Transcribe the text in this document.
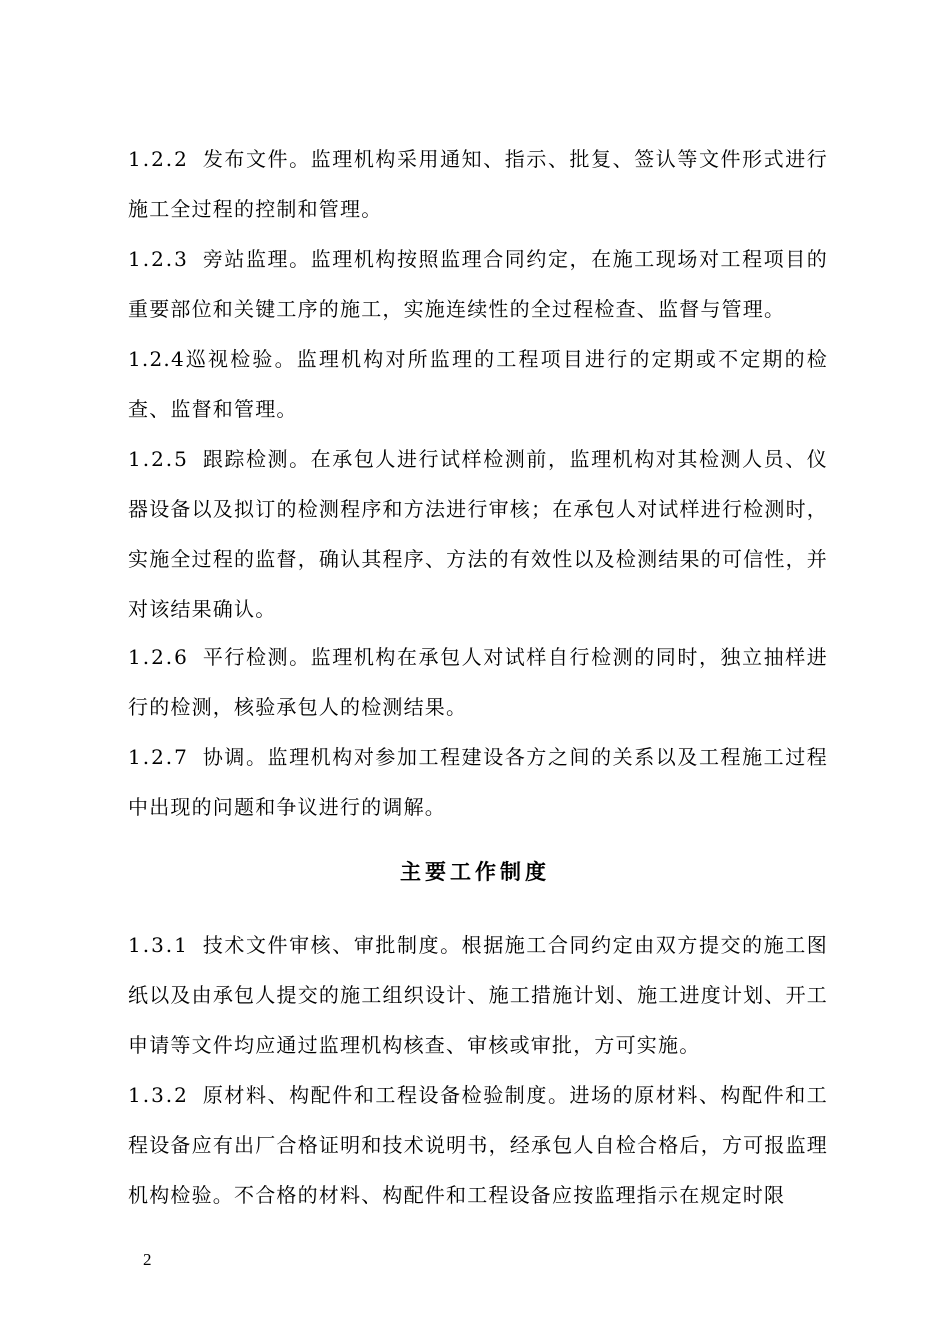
1.2.2 发布文件。监理机构采用通知、指示、批复、签认等文件形式进行施工全过程的控制和管理。

1.2.3 旁站监理。监理机构按照监理合同约定，在施工现场对工程项目的重要部位和关键工序的施工，实施连续性的全过程检查、监督与管理。

1.2.4巡视检验。监理机构对所监理的工程项目进行的定期或不定期的检查、监督和管理。

1.2.5 跟踪检测。在承包人进行试样检测前，监理机构对其检测人员、仪器设备以及拟订的检测程序和方法进行审核；在承包人对试样进行检测时，实施全过程的监督，确认其程序、方法的有效性以及检测结果的可信性，并对该结果确认。

1.2.6 平行检测。监理机构在承包人对试样自行检测的同时，独立抽样进行的检测，核验承包人的检测结果。

1.2.7 协调。监理机构对参加工程建设各方之间的关系以及工程施工过程中出现的问题和争议进行的调解。

主要工作制度

1.3.1 技术文件审核、审批制度。根据施工合同约定由双方提交的施工图纸以及由承包人提交的施工组织设计、施工措施计划、施工进度计划、开工申请等文件均应通过监理机构核查、审核或审批，方可实施。

1.3.2 原材料、构配件和工程设备检验制度。进场的原材料、构配件和工程设备应有出厂合格证明和技术说明书，经承包人自检合格后，方可报监理机构检验。不合格的材料、构配件和工程设备应按监理指示在规定时限

2
